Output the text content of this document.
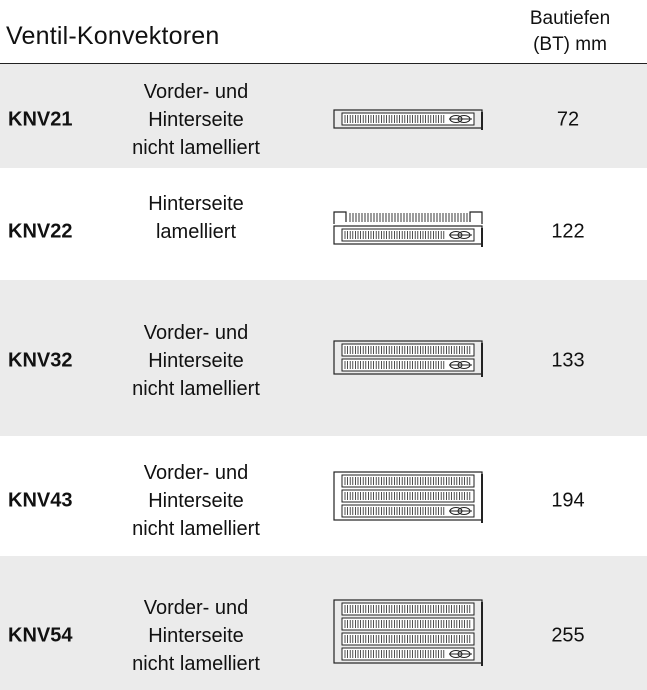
Ventil-Konvektoren
Bautiefen
(BT) mm
KNV21
Vorder- und
Hinterseite
nicht lamelliert
72
KNV22
Hinterseite
lamelliert	122
KNV32
Vorder- und
Hinterseite
nicht lamelliert
133
KNV43
Vorder- und
Hinterseite
nicht lamelliert
194
KNV54
Vorder- und
Hinterseite
nicht lamelliert
255
